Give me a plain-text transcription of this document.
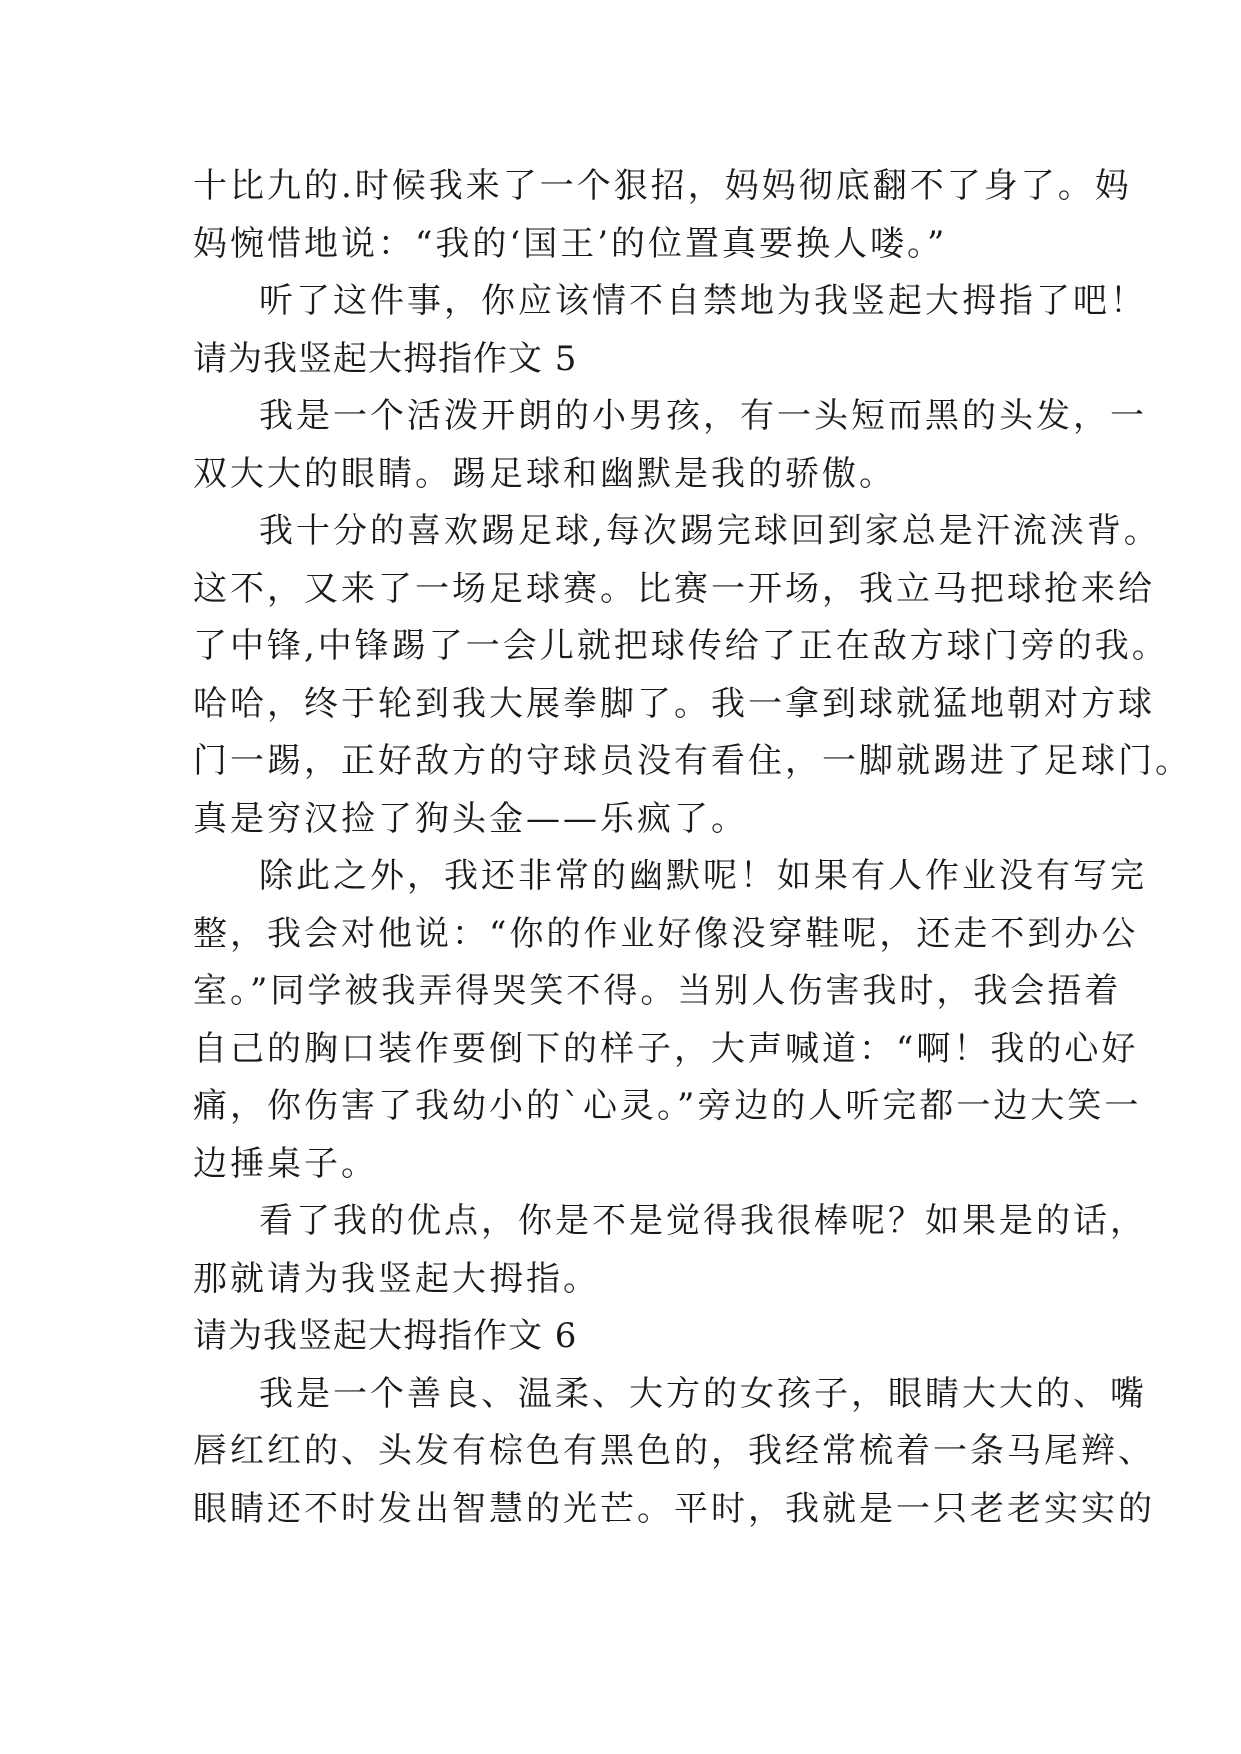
十比九的.时候我来了一个狠招，妈妈彻底翻不了身了。妈
妈惋惜地说：“我的‘国王’的位置真要换人喽。”
听了这件事，你应该情不自禁地为我竖起大拇指了吧！
请为我竖起大拇指作文 5
我是一个活泼开朗的小男孩，有一头短而黑的头发，一
双大大的眼睛。踢足球和幽默是我的骄傲。
我十分的喜欢踢足球,每次踢完球回到家总是汗流浃背。
这不，又来了一场足球赛。比赛一开场，我立马把球抢来给
了中锋,中锋踢了一会儿就把球传给了正在敌方球门旁的我。
哈哈，终于轮到我大展拳脚了。我一拿到球就猛地朝对方球
门一踢，正好敌方的守球员没有看住，一脚就踢进了足球门。
真是穷汉捡了狗头金——乐疯了。
除此之外，我还非常的幽默呢！如果有人作业没有写完
整，我会对他说：“你的作业好像没穿鞋呢，还走不到办公
室。”同学被我弄得哭笑不得。当别人伤害我时，我会捂着
自己的胸口装作要倒下的样子，大声喊道：“啊！我的心好
痛，你伤害了我幼小的`心灵。”旁边的人听完都一边大笑一
边捶桌子。
看了我的优点，你是不是觉得我很棒呢？如果是的话，
那就请为我竖起大拇指。
请为我竖起大拇指作文 6
我是一个善良、温柔、大方的女孩子，眼睛大大的、嘴
唇红红的、头发有棕色有黑色的，我经常梳着一条马尾辫、
眼睛还不时发出智慧的光芒。平时，我就是一只老老实实的
